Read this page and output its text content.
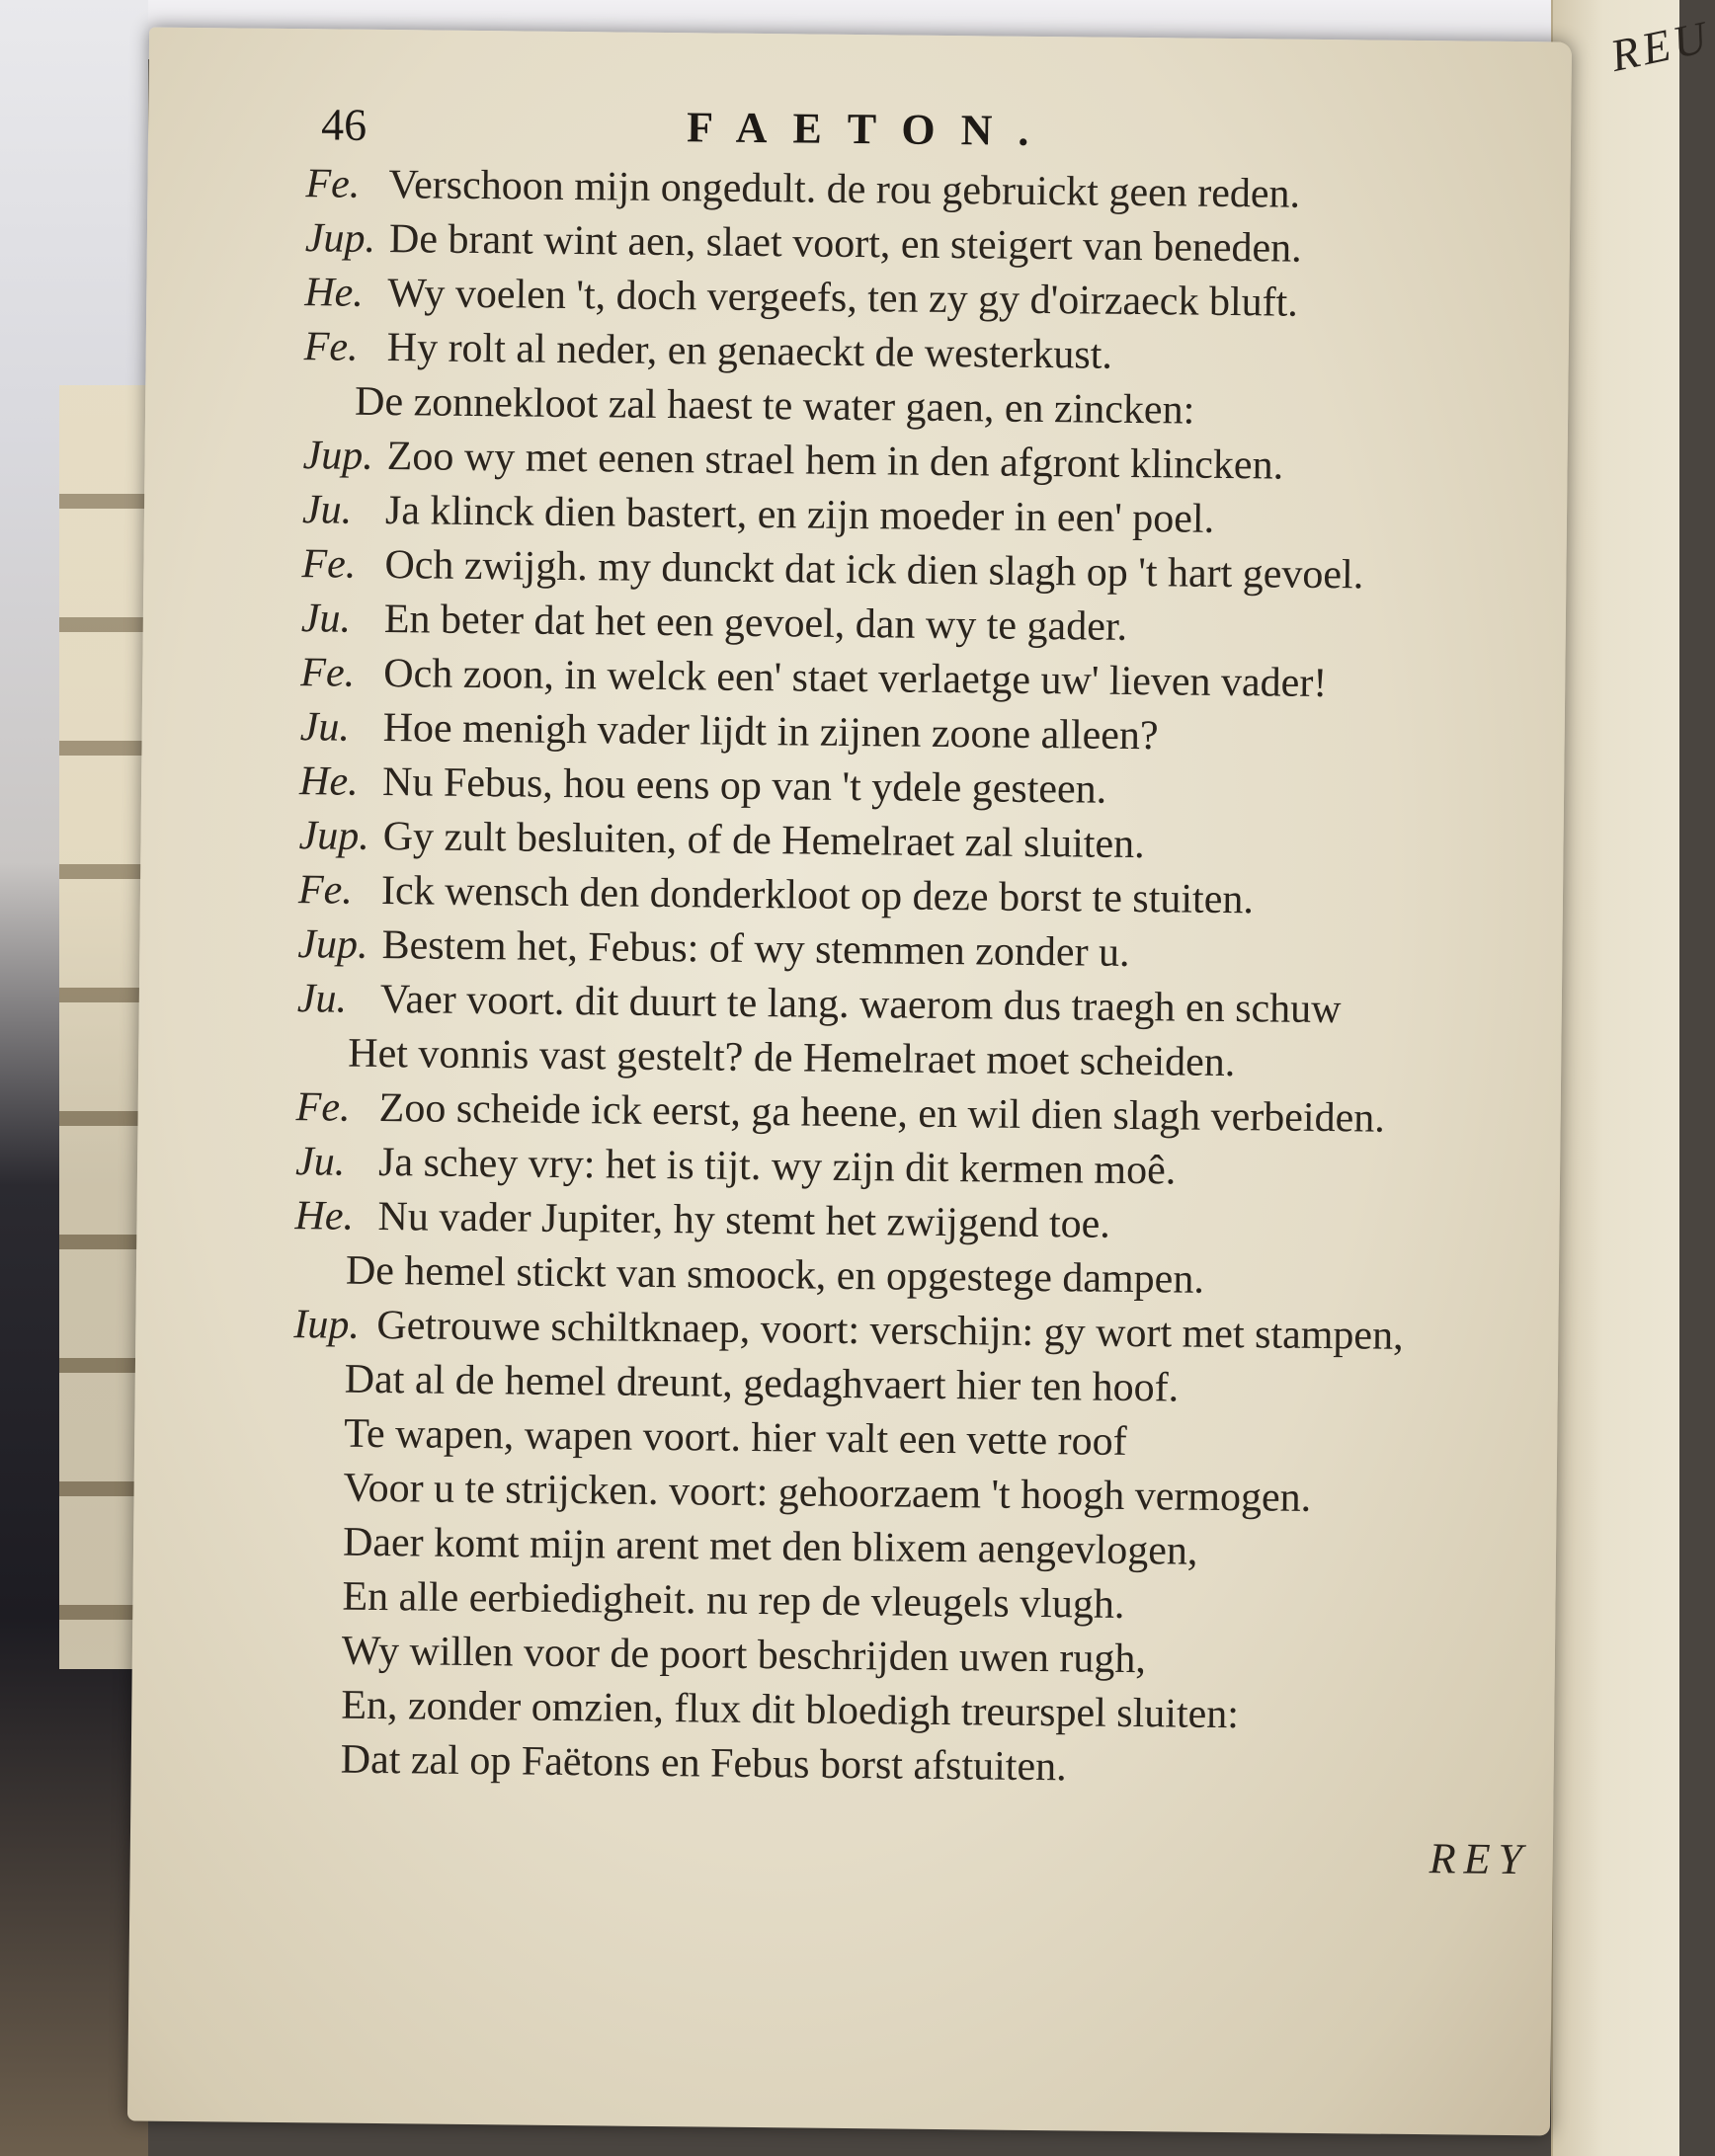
REU
46	FAETON.
Fe. Verschoon mijn ongedult. de rou gebruickt geen reden.
Jup. De brant wint aen, slaet voort, en steigert van beneden.
He. Wy voelen 't, doch vergeefs, ten zy gy d'oirzaeck bluft.
Fe. Hy rolt al neder, en genaeckt de westerkust.
De zonnekloot zal haest te water gaen, en zincken:
Jup. Zoo wy met eenen strael hem in den afgront klincken.
Ju. Ja klinck dien bastert, en zijn moeder in een' poel.
Fe. Och zwijgh. my dunckt dat ick dien slagh op 't hart gevoel.
Ju. En beter dat het een gevoel, dan wy te gader.
Fe. Och zoon, in welck een' staet verlaetge uw' lieven vader!
Ju. Hoe menigh vader lijdt in zijnen zoone alleen?
He. Nu Febus, hou eens op van 't ydele gesteen.
Jup. Gy zult besluiten, of de Hemelraet zal sluiten.
Fe. Ick wensch den donderkloot op deze borst te stuiten.
Jup. Bestem het, Febus: of wy stemmen zonder u.
Ju. Vaer voort. dit duurt te lang. waerom dus traegh en schuw
Het vonnis vast gestelt? de Hemelraet moet scheiden.
Fe. Zoo scheide ick eerst, ga heene, en wil dien slagh verbeiden.
Ju. Ja schey vry: het is tijt. wy zijn dit kermen moê.
He. Nu vader Jupiter, hy stemt het zwijgend toe.
De hemel stickt van smoock, en opgestege dampen.
Iup. Getrouwe schiltknaep, voort: verschijn: gy wort met stampen,
Dat al de hemel dreunt, gedaghvaert hier ten hoof.
Te wapen, wapen voort. hier valt een vette roof
Voor u te strijcken. voort: gehoorzaem 't hoogh vermogen.
Daer komt mijn arent met den blixem aengevlogen,
En alle eerbiedigheit. nu rep de vleugels vlugh.
Wy willen voor de poort beschrijden uwen rugh,
En, zonder omzien, flux dit bloedigh treurspel sluiten:
Dat zal op Faëtons en Febus borst afstuiten.
REY
